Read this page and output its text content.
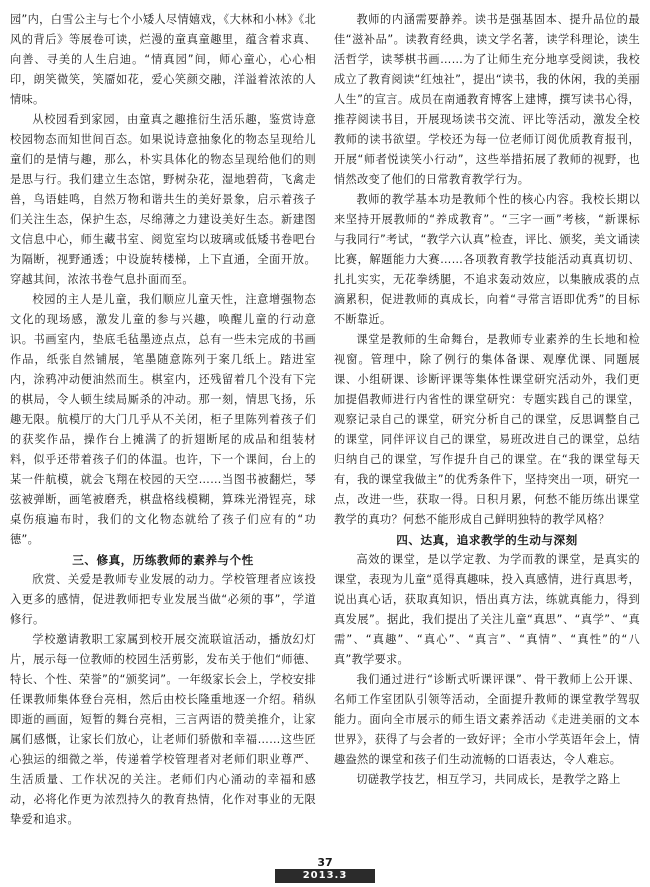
园”内，白雪公主与七个小矮人尽情嬉戏，《大林和小林》《北风的背后》等展卷可读，烂漫的童真童趣里，蕴含着求真、向善、寻美的人生启迪。“情真园”间，师心童心，心心相印，朗笑微笑，笑靥如花，爱心笑颜交融，洋溢着浓浓的人情味。

从校园看到家园，由童真之趣推衍生活乐趣，鉴赏诗意校园物态而知世间百态。如果说诗意抽象化的物态呈现给儿童们的是情与趣，那么，朴实具体化的物态呈现给他们的则是思与行。我们建立生态馆，野树杂花，湿地碧荷，飞禽走兽，鸟语蛙鸣，自然万物和谐共生的美好景象，启示着孩子们关注生态，保护生态，尽绵薄之力建设美好生态。新建图文信息中心，师生藏书室、阅览室均以玻璃或低矮书卷吧台为隔断，视野通透；中设旋转楼梯，上下直通，全面开放。穿越其间，浓浓书卷气息扑面而至。

校园的主人是儿童，我们顺应儿童天性，注意增强物态文化的现场感，激发儿童的参与兴趣，唤醒儿童的行动意识。书画室内，垫底毛毡墨迹点点，总有一些未完成的书画作品，纸张自然铺展，笔墨随意陈列于案几纸上。踏进室内，涂鸦冲动便油然而生。棋室内，还残留着几个没有下完的棋局，令人顿生续局厮杀的冲动。那一刻，情思飞扬，乐趣无限。航模厅的大门几乎从不关闭，柜子里陈列着孩子们的获奖作品，操作台上摊满了的折翅断尾的成品和组装材料，似乎还带着孩子们的体温。也许，下一个课间，台上的某一件航模，就会飞翔在校园的天空……当图书被翻烂，琴弦被弹断，画笔被磨秃，棋盘格线模糊，算珠光滑锃亮，球桌伤痕遍布时，我们的文化物态就给了孩子们应有的“功德”。

三、修真，历练教师的素养与个性

欣赏、关爱是教师专业发展的动力。学校管理者应该投入更多的感情，促进教师把专业发展当做“必须的事”，学道修行。

学校邀请教职工家属到校开展交流联谊活动，播放幻灯片，展示每一位教师的校园生活剪影，发布关于他们“师德、特长、个性、荣誉”的“颁奖词”。一年级家长会上，学校安排任课教师集体登台亮相，然后由校长隆重地逐一介绍。稍纵即逝的画面，短暂的舞台亮相，三言两语的赞美推介，让家属们感慨，让家长们放心，让老师们骄傲和幸福……这些匠心独运的细微之举，传递着学校管理者对老师们职业尊严、生活质量、工作状况的关注。老师们内心涌动的幸福和感动，必将化作更为浓烈持久的教育热情，化作对事业的无限挚爱和追求。

教师的内涵需要静养。读书是强基固本、提升品位的最佳“滋补品”。读教育经典，读文学名著，读学科理论，读生活哲学，读琴棋书画……为了让师生充分地享受阅读，我校成立了教育阅读“红烛社”，提出“读书，我的休闲，我的美丽人生”的宣言。成员在南通教育博客上建博，撰写读书心得，推荐阅读书目，开展现场读书交流、评比等活动，激发全校教师的读书欲望。学校还为每一位老师订阅优质教育报刊，开展“师者悦读笑小行动”，这些举措拓展了教师的视野，也悄然改变了他们的日常教育教学行为。

教师的教学基本功是教师个性的核心内容。我校长期以来坚持开展教师的“养成教育”。“三字一画”考核，“新课标与我同行”考试，“教学六认真”检查，评比、颁奖，美文诵读比赛，解题能力大赛……各项教育教学技能活动真真切切、扎扎实实，无花拳绣腿，不追求轰动效应，以集腋成裘的点滴累积，促进教师的真成长，向着“寻常言语即优秀”的目标不断靠近。

课堂是教师的生命舞台，是教师专业素养的生长地和检视窗。管理中，除了例行的集体备课、观摩优课、同题展课、小组研课、诊断评课等集体性课堂研究活动外，我们更加提倡教师进行内省性的课堂研究：专题实践自己的课堂，观察记录自己的课堂，研究分析自己的课堂，反思调整自己的课堂，同伴评议自己的课堂，易班改进自己的课堂，总结归纳自己的课堂，写作提升自己的课堂。在“我的课堂每天有，我的课堂我做主”的优秀条件下，坚持突出一项，研究一点，改进一些，获取一得。日积月累，何愁不能历练出课堂教学的真功？何愁不能形成自己鲜明独特的教学风格？

四、达真，追求教学的生动与深刻

高效的课堂，是以学定教、为学而教的课堂，是真实的课堂，表现为儿童“觅得真趣味，投入真感情，进行真思考，说出真心话，获取真知识，悟出真方法，练就真能力，得到真发展”。据此，我们提出了关注儿童“真思”、“真学”、“真需”、“真趣”、“真心”、“真言”、“真情”、“真性”的“八真”教学要求。

我们通过进行“诊断式听课评课”、骨干教师上公开课、名师工作室团队引领等活动，全面提升教师的课堂教学驾驭能力。面向全市展示的师生语文素养活动《走进美丽的文本世界》，获得了与会者的一致好评；全市小学英语年会上，情趣盎然的课堂和孩子们生动流畅的口语表达，令人难忘。

切磋教学技艺，相互学习，共同成长，是教学之路上

37
2013.3
